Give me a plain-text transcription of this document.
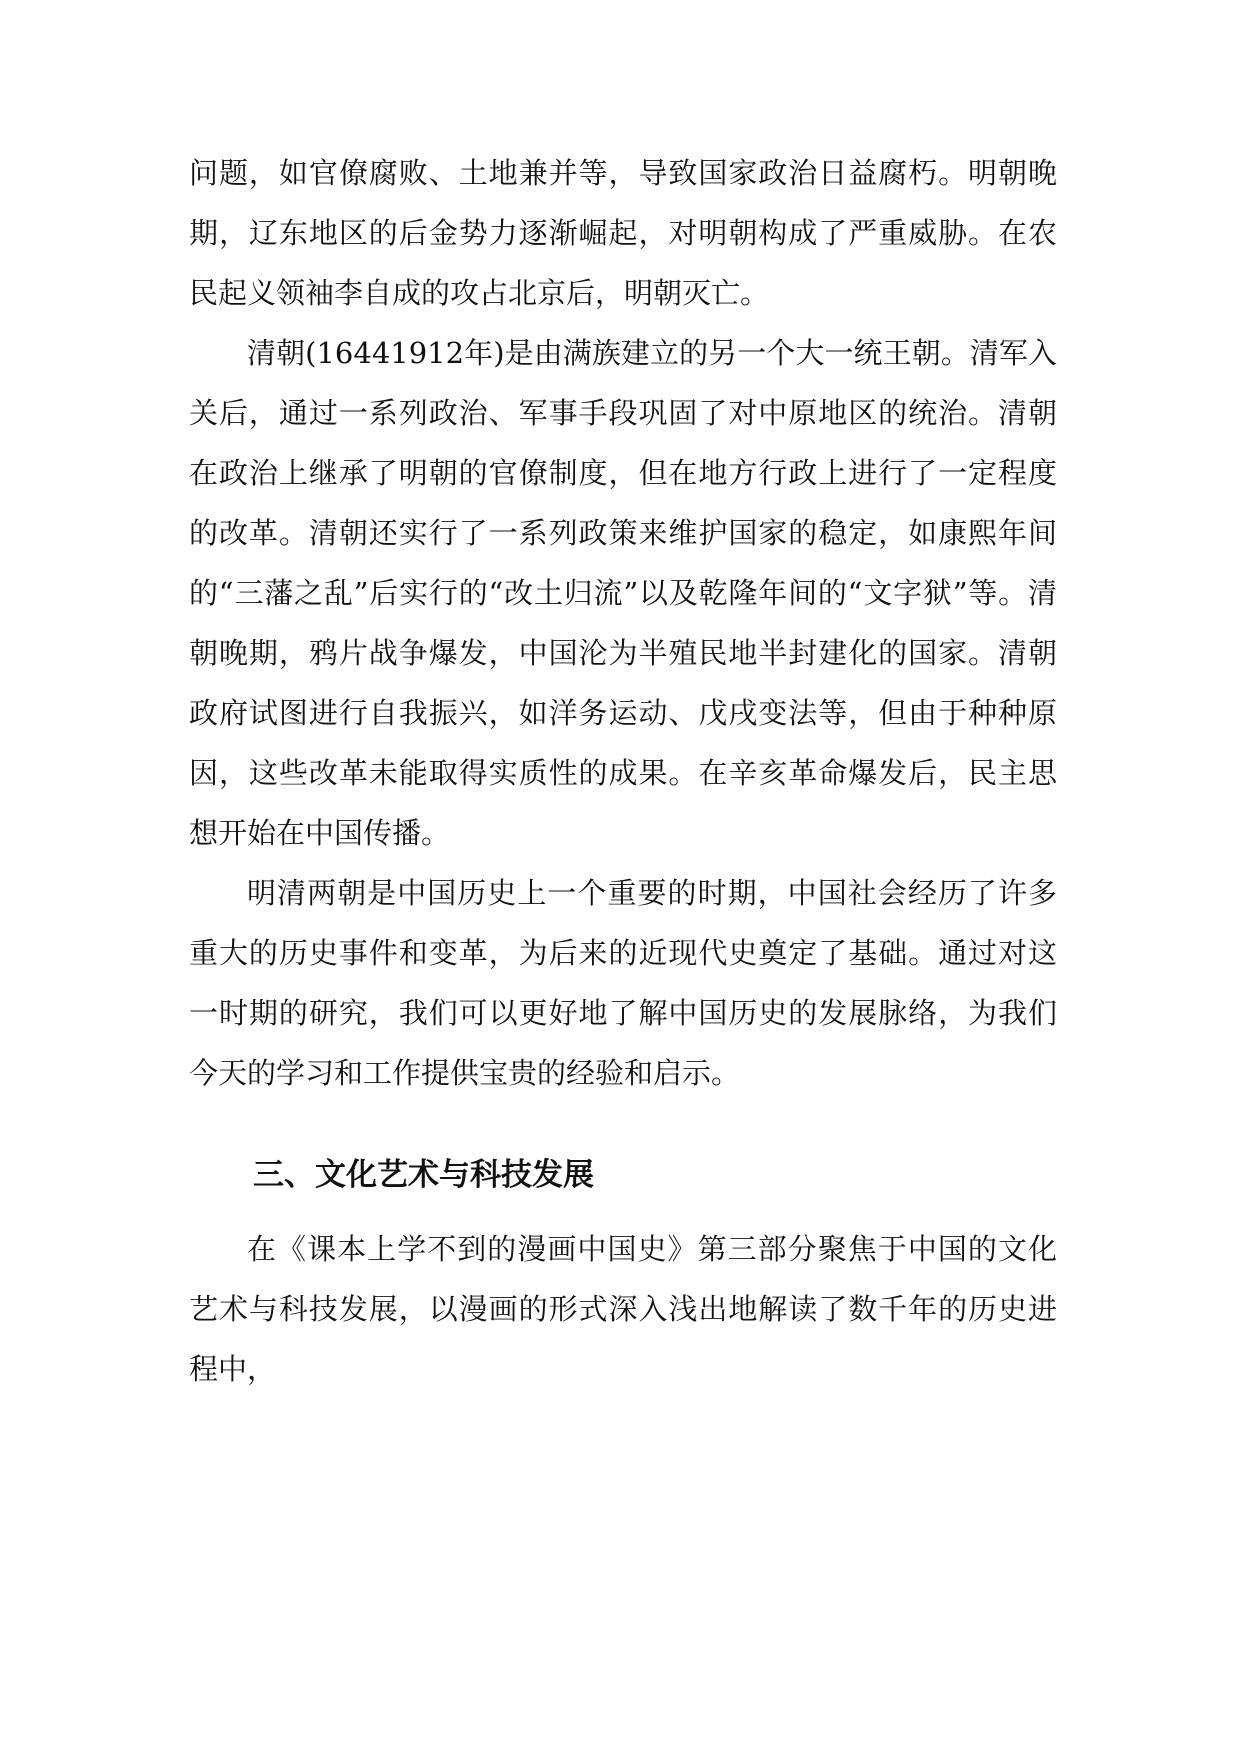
问题，如官僚腐败、土地兼并等，导致国家政治日益腐朽。明朝晚期，辽东地区的后金势力逐渐崛起，对明朝构成了严重威胁。在农民起义领袖李自成的攻占北京后，明朝灭亡。

清朝(16441912年)是由满族建立的另一个大一统王朝。清军入关后，通过一系列政治、军事手段巩固了对中原地区的统治。清朝在政治上继承了明朝的官僚制度，但在地方行政上进行了一定程度的改革。清朝还实行了一系列政策来维护国家的稳定，如康熙年间的“三藩之乱”后实行的“改土归流”以及乾隆年间的“文字狱”等。清朝晚期，鸦片战争爆发，中国沦为半殖民地半封建化的国家。清朝政府试图进行自我振兴，如洋务运动、戊戌变法等，但由于种种原因，这些改革未能取得实质性的成果。在辛亥革命爆发后，民主思想开始在中国传播。

明清两朝是中国历史上一个重要的时期，中国社会经历了许多重大的历史事件和变革，为后来的近现代史奠定了基础。通过对这一时期的研究，我们可以更好地了解中国历史的发展脉络，为我们今天的学习和工作提供宝贵的经验和启示。

三、文化艺术与科技发展

在《课本上学不到的漫画中国史》第三部分聚焦于中国的文化艺术与科技发展，以漫画的形式深入浅出地解读了数千年的历史进程中，
